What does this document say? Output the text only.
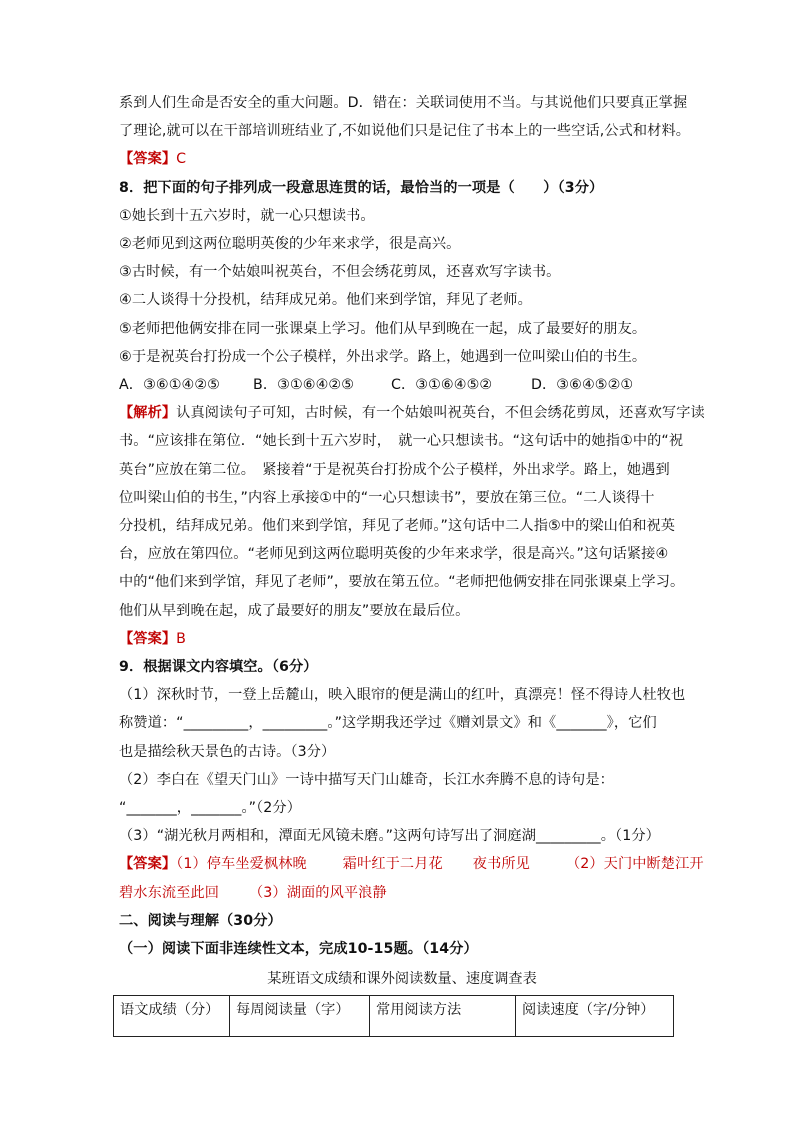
系到人们生命是否安全的重大问题。D．错在：关联词使用不当。与其说他们只要真正掌握
了理论,就可以在干部培训班结业了,不如说他们只是记住了书本上的一些空话,公式和材料。
【答案】C
8．把下面的句子排列成一段意思连贯的话，最恰当的一项是（　　）（3分）
①她长到十五六岁时，就一心只想读书。
②老师见到这两位聪明英俊的少年来求学，很是高兴。
③古时候，有一个姑娘叫祝英台，不但会绣花剪凤，还喜欢写字读书。
④二人谈得十分投机，结拜成兄弟。他们来到学馆，拜见了老师。
⑤老师把他俩安排在同一张课桌上学习。他们从早到晚在一起，成了最要好的朋友。
⑥于是祝英台打扮成一个公子模样，外出求学。路上，她遇到一位叫梁山伯的书生。
A．③⑥①④②⑤ B．③①⑥④②⑤	C．③①⑥④⑤②	D．③⑥④⑤②①
【解析】认真阅读句子可知，古时候，有一个姑娘叫祝英台，不但会绣花剪凤，还喜欢写字读
书。“应该排在第位．“她长到十五六岁时，　就一心只想读书。“这句话中的她指①中的“祝
英台”应放在第二位。　紧接着“于是祝英台打扮成个公子模样，外出求学。路上，她遇到
位叫梁山伯的书生，”内容上承接①中的“一心只想读书”，要放在第三位。“二人谈得十
分投机，结拜成兄弟。他们来到学馆，拜见了老师。”这句话中二人指⑤中的梁山伯和祝英
台，应放在第四位。“老师见到这两位聪明英俊的少年来求学，很是高兴。”这句话紧接④
中的“他们来到学馆，拜见了老师”，要放在第五位。“老师把他俩安排在同张课桌上学习。
他们从早到晚在起，成了最要好的朋友”要放在最后位。
【答案】B
9．根据课文内容填空。（6分）
（1）深秋时节，一登上岳麓山，映入眼帘的便是满山的红叶，真漂亮！怪不得诗人杜牧也
称赞道：“_________，_________。”这学期我还学过《赠刘景文》和《_______》，它们
也是描绘秋天景色的古诗。（3分）
（2）李白在《望天门山》一诗中描写天门山雄奇，长江水奔腾不息的诗句是：
“_______，_______。”（2分）
（3）“湖光秋月两相和，潭面无风镜未磨。”这两句诗写出了洞庭湖_________。（1分）
【答案】（1）停车坐爱枫林晚	霜叶红于二月花 夜书所见	（2）天门中断楚江开
碧水东流至此回 （3）湖面的风平浪静
二、阅读与理解（30分）
（一）阅读下面非连续性文本，完成10-15题。（14分）
某班语文成绩和课外阅读数量、速度调查表
语文成绩（分）	每周阅读量（字）	常用阅读方法	阅读速度（字/分钟）
